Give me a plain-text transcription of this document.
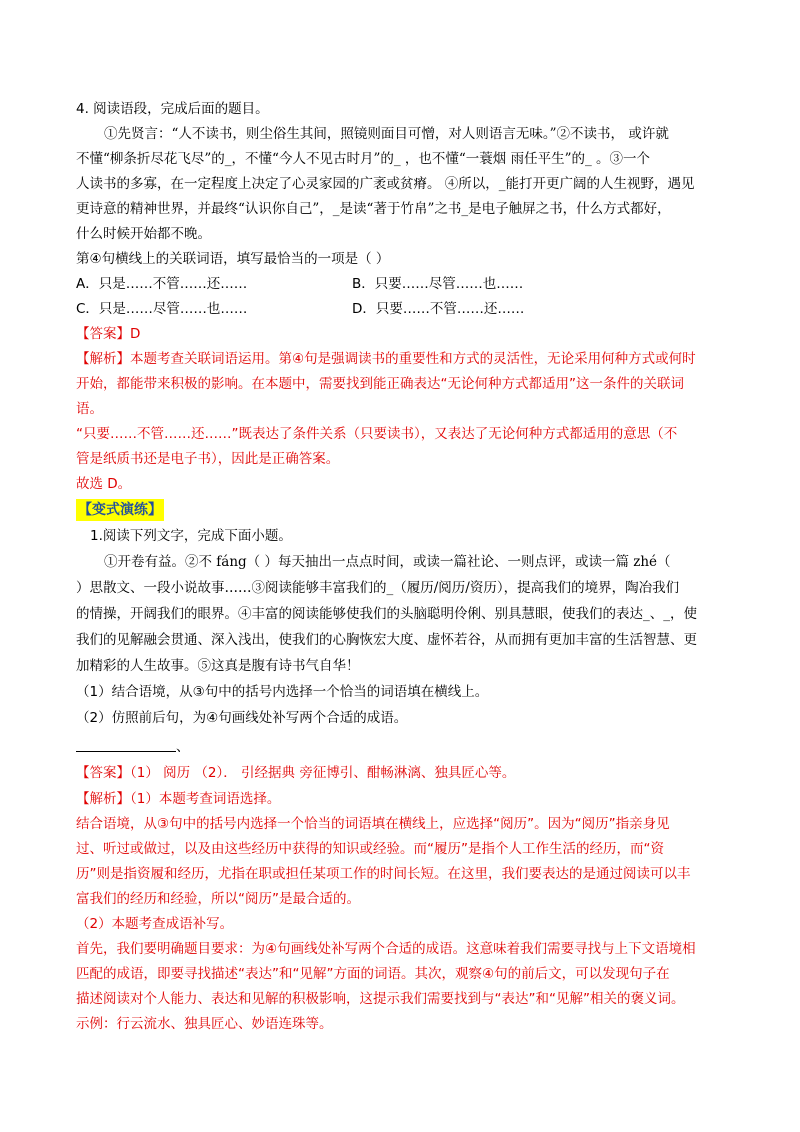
4. 阅读语段，完成后面的题目。
①先贤言：“人不读书，则尘俗生其间，照镜则面目可憎，对人则语言无味。”②不读书， 或许就
不懂“柳条折尽花飞尽”的_，不懂“今人不见古时月”的_ ，也不懂“一蓑烟 雨任平生”的_ 。③一个
人读书的多寡，在一定程度上决定了心灵家园的广袤或贫瘠。 ④所以，_能打开更广阔的人生视野，遇见
更诗意的精神世界，并最终“认识你自己”，_是读“著于竹帛”之书_是电子触屏之书，什么方式都好，
什么时候开始都不晚。
第④句横线上的关联词语，填写最恰当的一项是（ ）
A．只是……不管……还……	B．只要……尽管……也……
C．只是……尽管……也……	D．只要……不管……还……
【答案】D
【解析】本题考查关联词语运用。第④句是强调读书的重要性和方式的灵活性，无论采用何种方式或何时
开始，都能带来积极的影响。在本题中，需要找到能正确表达“无论何种方式都适用”这一条件的关联词
语。
“只要……不管……还……”既表达了条件关系（只要读书），又表达了无论何种方式都适用的意思（不
管是纸质书还是电子书），因此是正确答案。
故选 D。
【变式演练】
1.阅读下列文字，完成下面小题。
①开卷有益。②不 fáng（ ）每天抽出一点点时间，或读一篇社论、一则点评，或读一篇 zhé（
）思散文、一段小说故事……③阅读能够丰富我们的_（履历/阅历/资历），提高我们的境界，陶冶我们
的情操，开阔我们的眼界。④丰富的阅读能够使我们的头脑聪明伶俐、别具慧眼，使我们的表达_、_，使
我们的见解融会贯通、深入浅出，使我们的心胸恢宏大度、虚怀若谷，从而拥有更加丰富的生活智慧、更
加精彩的人生故事。⑤这真是腹有诗书气自华！
（1）结合语境，从③句中的括号内选择一个恰当的词语填在横线上。
（2）仿照前后句，为④句画线处补写两个合适的成语。
、
【答案】（1） 阅历 （2）． 引经据典 旁征博引、酣畅淋漓、独具匠心等。
【解析】（1）本题考查词语选择。
结合语境，从③句中的括号内选择一个恰当的词语填在横线上，应选择“阅历”。因为“阅历”指亲身见
过、听过或做过，以及由这些经历中获得的知识或经验。而“履历”是指个人工作生活的经历，而“资
历”则是指资履和经历，尤指在职或担任某项工作的时间长短。在这里，我们要表达的是通过阅读可以丰
富我们的经历和经验，所以“阅历”是最合适的。
（2）本题考查成语补写。
首先，我们要明确题目要求：为④句画线处补写两个合适的成语。这意味着我们需要寻找与上下文语境相
匹配的成语，即要寻找描述“表达”和“见解”方面的词语。其次，观察④句的前后文，可以发现句子在
描述阅读对个人能力、表达和见解的积极影响，这提示我们需要找到与“表达”和“见解”相关的褒义词。
示例：行云流水、独具匠心、妙语连珠等。
